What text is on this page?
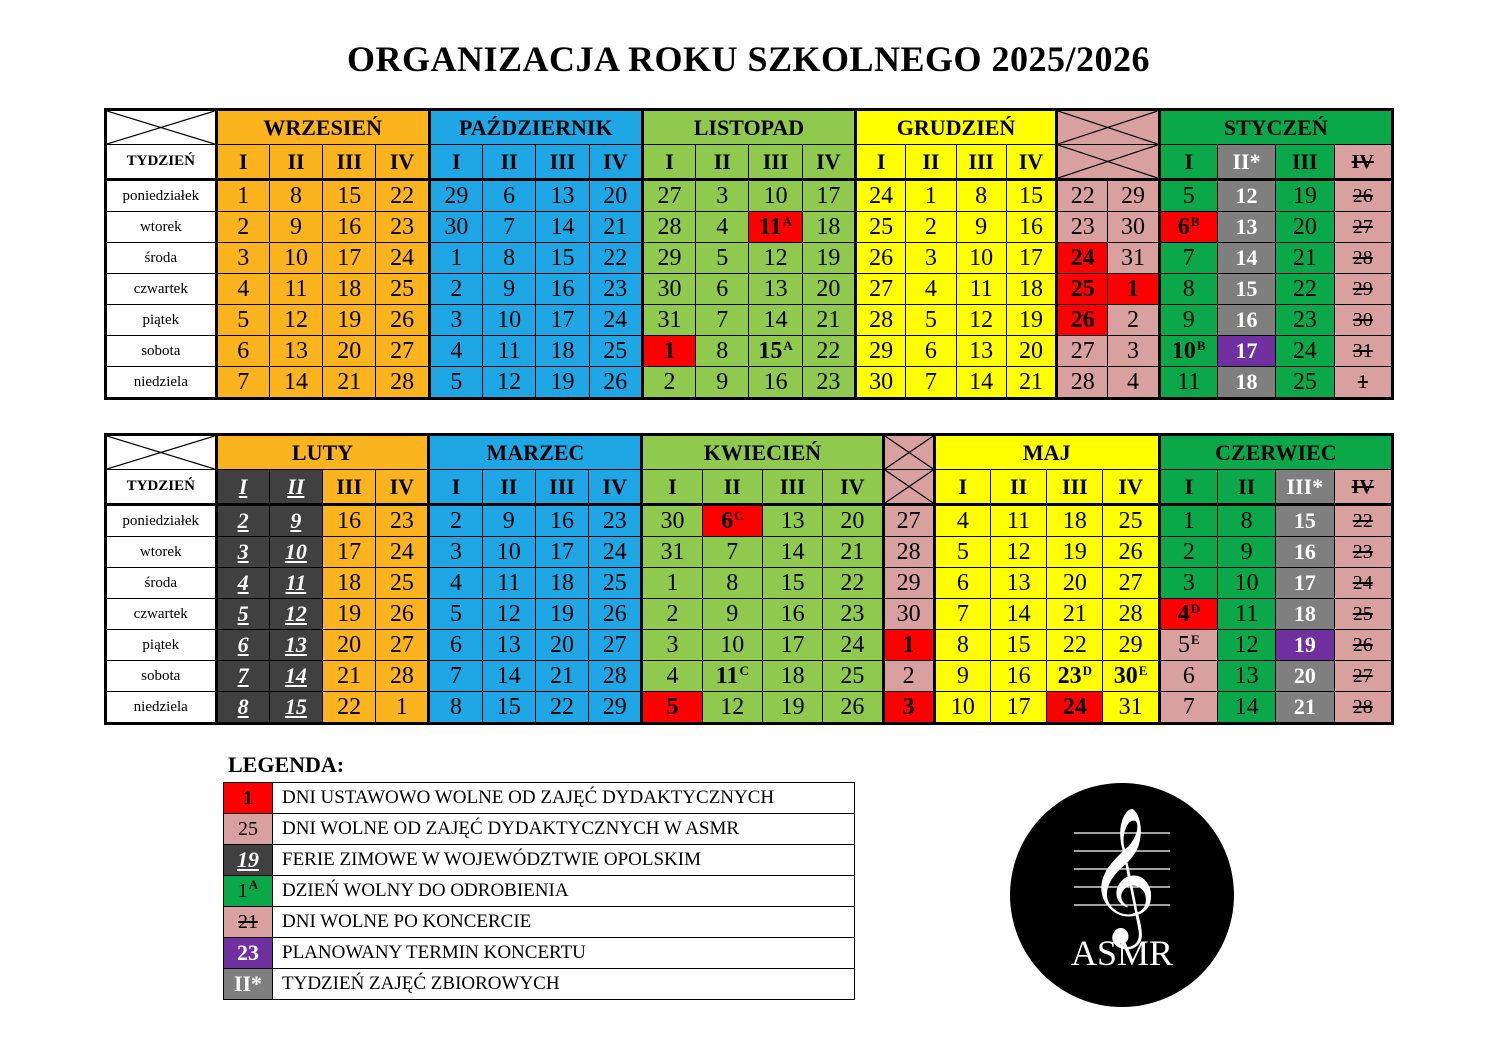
ORGANIZACJA ROKU SZKOLNEGO 2025/2026
	WRZESIEŃ				PAŹDZIERNIK				LISTOPAD				GRUDZIEŃ						STYCZEŃ			
TYDZIEŃ	I	II	III	IV	I	II	III	IV	I	II	III	IV	I	II	III	IV			I	II*	III	IV
poniedziałek	1	8	15	22	29	6	13	20	27	3	10	17	24	1	8	15	22	29	5	12	19	26
wtorek	2	9	16	23	30	7	14	21	28	4	$11^A$	18	25	2	9	16	23	30	$6^B$	13	20	27
środa	3	10	17	24	1	8	15	22	29	5	12	19	26	3	10	17	24	31	7	14	21	28
czwartek	4	11	18	25	2	9	16	23	30	6	13	20	27	4	11	18	25	1	8	15	22	29
piątek	5	12	19	26	3	10	17	24	31	7	14	21	28	5	12	19	26	2	9	16	23	30
sobota	6	13	20	27	4	11	18	25	1	8	$15^A$	22	29	6	13	20	27	3	$10^B$	17	24	31
niedziela	7	14	21	28	5	12	19	26	2	9	16	23	30	7	14	21	28	4	11	18	25	1
	LUTY				MARZEC				KWIECIEŃ					MAJ				CZERWIEC			
TYDZIEŃ	I	II	III	IV	I	II	III	IV	I	II	III	IV		I	II	III	IV	I	II	III*	IV
poniedziałek	2	9	16	23	2	9	16	23	30	$6^C$	13	20	27	4	11	18	25	1	8	15	22
wtorek	3	10	17	24	3	10	17	24	31	7	14	21	28	5	12	19	26	2	9	16	23
środa	4	11	18	25	4	11	18	25	1	8	15	22	29	6	13	20	27	3	10	17	24
czwartek	5	12	19	26	5	12	19	26	2	9	16	23	30	7	14	21	28	$4^D$	11	18	25
piątek	6	13	20	27	6	13	20	27	3	10	17	24	1	8	15	22	29	$5^E$	12	19	26
sobota	7	14	21	28	7	14	21	28	4	$11^C$	18	25	2	9	16	$23^D$	$30^E$	6	13	20	27
niedziela	8	15	22	1	8	15	22	29	5	12	19	26	3	10	17	24	31	7	14	21	28
LEGENDA:
1	DNI USTAWOWO WOLNE OD ZAJĘĆ DYDAKTYCZNYCH
25	DNI WOLNE OD ZAJĘĆ DYDAKTYCZNYCH W ASMR
19	FERIE ZIMOWE W WOJEWÓDZTWIE OPOLSKIM
$1^A$	DZIEŃ WOLNY DO ODROBIENIA
21	DNI WOLNE PO KONCERCIE
23	PLANOWANY TERMIN KONCERTU
II*	TYDZIEŃ ZAJĘĆ ZBIOROWYCH
𝄞
ASMR
